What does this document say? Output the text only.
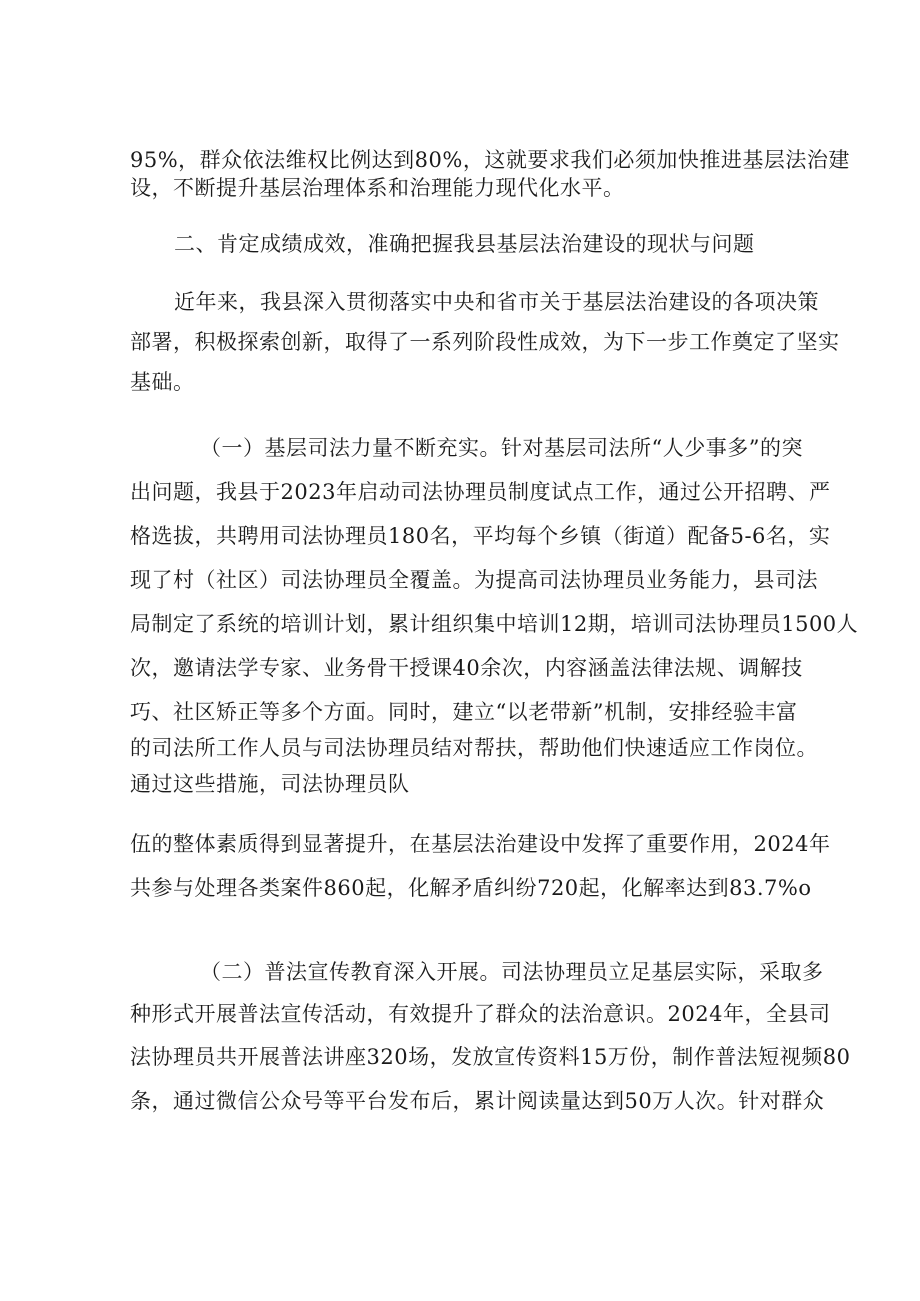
95%，群众依法维权比例达到80%，这就要求我们必须加快推进基层法治建
设，不断提升基层治理体系和治理能力现代化水平。
二、肯定成绩成效，准确把握我县基层法治建设的现状与问题
近年来，我县深入贯彻落实中央和省市关于基层法治建设的各项决策
部署，积极探索创新，取得了一系列阶段性成效，为下一步工作奠定了坚实
基础。
（一）基层司法力量不断充实。针对基层司法所“人少事多”的突
出问题，我县于2023年启动司法协理员制度试点工作，通过公开招聘、严
格选拔，共聘用司法协理员180名，平均每个乡镇（街道）配备5-6名，实
现了村（社区）司法协理员全覆盖。为提高司法协理员业务能力，县司法
局制定了系统的培训计划，累计组织集中培训12期，培训司法协理员1500人
次，邀请法学专家、业务骨干授课40余次，内容涵盖法律法规、调解技
巧、社区矫正等多个方面。同时，建立“以老带新”机制，安排经验丰富
的司法所工作人员与司法协理员结对帮扶，帮助他们快速适应工作岗位。
通过这些措施，司法协理员队
伍的整体素质得到显著提升，在基层法治建设中发挥了重要作用，2024年
共参与处理各类案件860起，化解矛盾纠纷720起，化解率达到83.7%o
（二）普法宣传教育深入开展。司法协理员立足基层实际，采取多
种形式开展普法宣传活动，有效提升了群众的法治意识。2024年，全县司
法协理员共开展普法讲座320场，发放宣传资料15万份，制作普法短视频80
条，通过微信公众号等平台发布后，累计阅读量达到50万人次。针对群众
